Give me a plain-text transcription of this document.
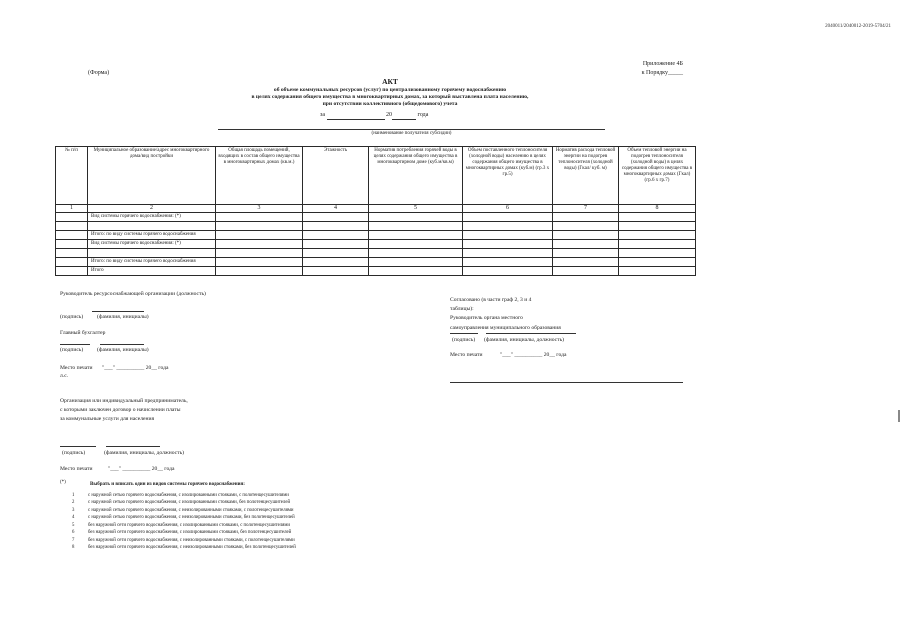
2040011/2040012-2019-5704/21
Приложение 4Б
к Порядку_____
(Форма)
АКТ
об объеме коммунальных ресурсов (услуг) по централизованному горячему водоснабжению
в целях содержания общего имущества в многоквартирных домах, за который выставлена плата населению,
при отсутствии коллективного (общедомового) учета
за	20	года
(наименование получателя субсидии)
№ п/п	Муниципальное образование/адрес многоквартирного дома/вид постройки	Общая площадь помещений, входящих в состав общего имущества в многоквартирных домах (кв.м.)	Этажность	Норматив потребления горячей воды в целях содержания общего имущества в многоквартирном доме (куб.м/кв.м)	Объем поставленного теплоносителя (холодной воды) населению в целях содержания общего имущества в многоквартирных домах (куб.м) (гр.3 х гр.5)	Норматив расхода тепловой энергии на подогрев теплоносителя (холодной воды) (Гкал/ куб. м)	Объем тепловой энергии на подогрев теплоносителя (холодной воды) в целях содержания общего имущества в многоквартирных домах (Гкал) (гр.6 х гр.7)
1	2	3	4	5	6	7	8
	Вид системы горячего водоснабжения: (*)						

	Итого: по виду системы горячего водоснабжения						
	Вид системы горячего водоснабжения: (*)						

	Итого: по виду системы горячего водоснабжения						
	Итого						
Руководитель ресурсоснабжающей организации (должность)
(подпись) (фамилия, инициалы)
Главный бухгалтер
(подпись) (фамилия, инициалы)
Место печати "___" __________ 20__ года
л.с.
Организация или индивидуальный предприниматель,
с которыми заключен договор о начислении платы
за коммунальные услуги для населения
(подпись)	(фамилия, инициалы, должность)
Место печати	"___" __________ 20__ года
Согласовано (в части граф 2, 3 и 4
таблицы):
Руководитель органа местного
самоуправления муниципального образования
(подпись) (фамилия, инициалы, должность)
Место печати	"___" __________ 20__ года
(*)	Выбрать и вписать один из видов системы горячего водоснабжения:
1	с наружной сетью горячего водоснабжения, с изолированными стояками, с полотенцесушителями
2	с наружной сетью горячего водоснабжения, с изолированными стояками, без полотенцесушителей
3	с наружной сетью горячего водоснабжения, с неизолированными стояками, с полотенцесушителями
4	с наружной сетью горячего водоснабжения, с неизолированными стояками, без полотенцесушителей
5	без наружной сети горячего водоснабжения, с изолированными стояками, с полотенцесушителями
6	без наружной сети горячего водоснабжения, с изолированными стояками, без полотенцесушителей
7	без наружной сети горячего водоснабжения, с неизолированными стояками, с полотенцесушителями
8	без наружной сети горячего водоснабжения, с неизолированными стояками, без полотенцесушителей
